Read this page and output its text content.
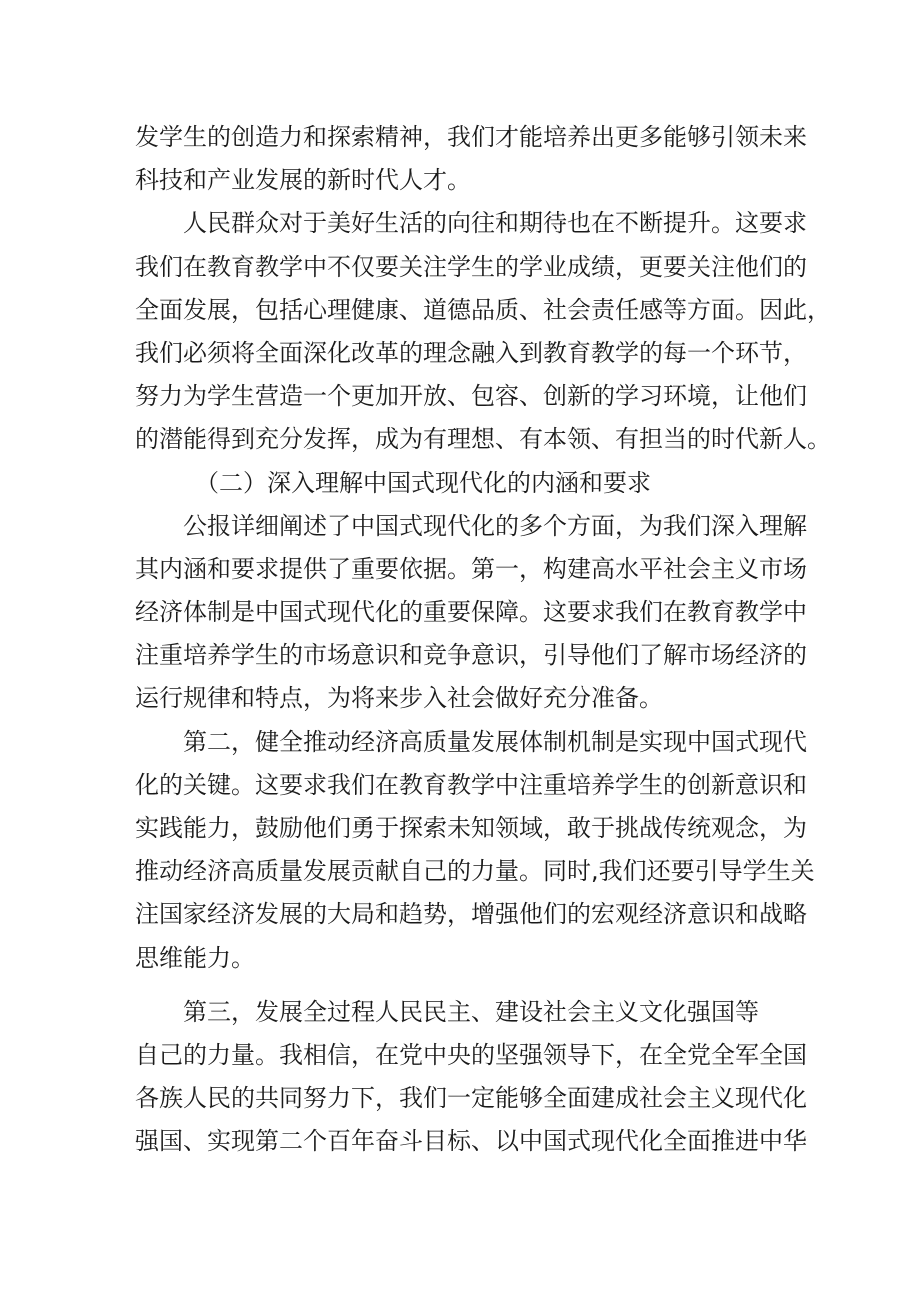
发学生的创造力和探索精神，我们才能培养出更多能够引领未来
科技和产业发展的新时代人才。
人民群众对于美好生活的向往和期待也在不断提升。这要求
我们在教育教学中不仅要关注学生的学业成绩，更要关注他们的
全面发展，包括心理健康、道德品质、社会责任感等方面。因此，
我们必须将全面深化改革的理念融入到教育教学的每一个环节，
努力为学生营造一个更加开放、包容、创新的学习环境，让他们
的潜能得到充分发挥，成为有理想、有本领、有担当的时代新人。
（二）深入理解中国式现代化的内涵和要求
公报详细阐述了中国式现代化的多个方面，为我们深入理解
其内涵和要求提供了重要依据。第一，构建高水平社会主义市场
经济体制是中国式现代化的重要保障。这要求我们在教育教学中
注重培养学生的市场意识和竞争意识，引导他们了解市场经济的
运行规律和特点，为将来步入社会做好充分准备。
第二，健全推动经济高质量发展体制机制是实现中国式现代
化的关键。这要求我们在教育教学中注重培养学生的创新意识和
实践能力，鼓励他们勇于探索未知领域，敢于挑战传统观念，为
推动经济高质量发展贡献自己的力量。同时,我们还要引导学生关
注国家经济发展的大局和趋势，增强他们的宏观经济意识和战略
思维能力。
第三，发展全过程人民民主、建设社会主义文化强国等
自己的力量。我相信，在党中央的坚强领导下，在全党全军全国
各族人民的共同努力下，我们一定能够全面建成社会主义现代化
强国、实现第二个百年奋斗目标、以中国式现代化全面推进中华
